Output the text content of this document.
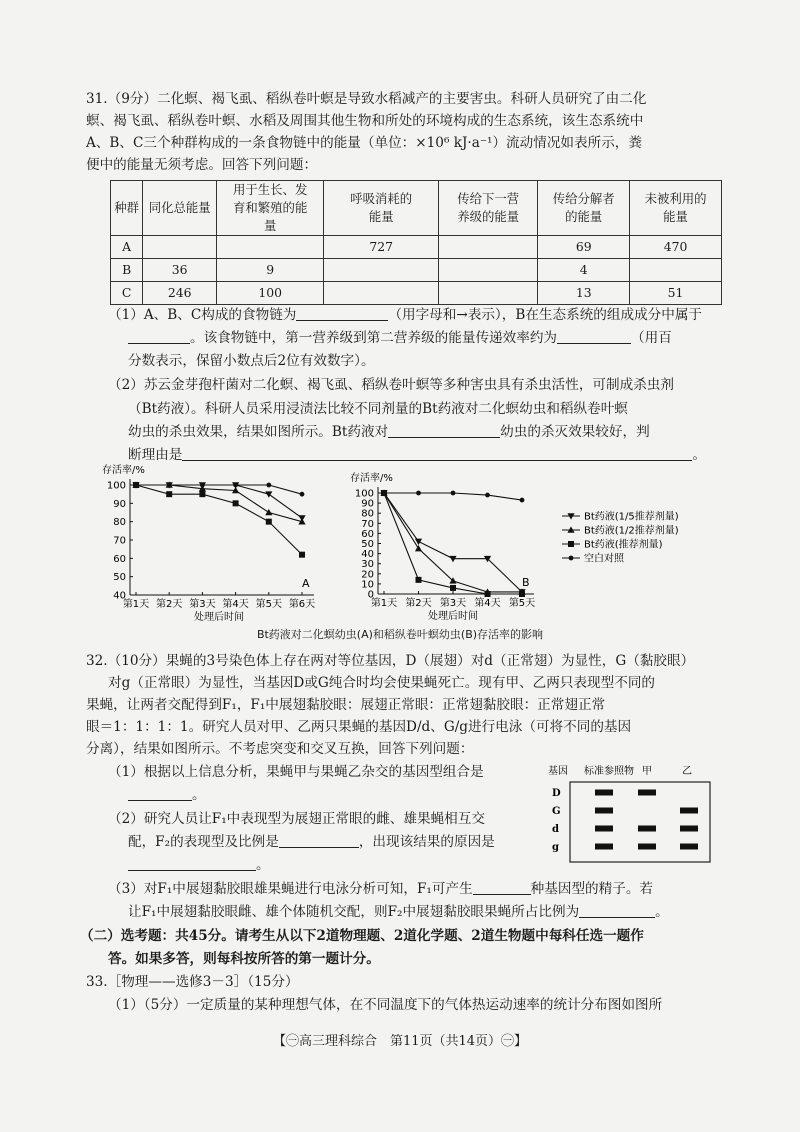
31.（9分）二化螟、褐飞虱、稻纵卷叶螟是导致水稻减产的主要害虫。科研人员研究了由二化
螟、褐飞虱、稻纵卷叶螟、水稻及周围其他生物和所处的环境构成的生态系统，该生态系统中
A、B、C三个种群构成的一条食物链中的能量（单位：×10⁶ kJ·a⁻¹）流动情况如表所示，粪
便中的能量无须考虑。回答下列问题：
种群	同化总能量	用于生长、发育和繁殖的能量	呼吸消耗的能量	传给下一营养级的能量	传给分解者的能量	未被利用的能量
A			727		69	470
B	36	9			4	
C	246	100			13	51
（1）A、B、C构成的食物链为	（用字母和→表示），B在生态系统的组成成分中属于
。该食物链中，第一营养级到第二营养级的能量传递效率约为	（用百
分数表示，保留小数点后2位有效数字）。
（2）苏云金芽孢杆菌对二化螟、褐飞虱、稻纵卷叶螟等多种害虫具有杀虫活性，可制成杀虫剂
（Bt药液）。科研人员采用浸渍法比较不同剂量的Bt药液对二化螟幼虫和稻纵卷叶螟
幼虫的杀虫效果，结果如图所示。Bt药液对	幼虫的杀灭效果较好，判
断理由是	。
存活率/%
40
50
60
70
80
90
100
第1天 第2天 第3天 第4天 第5天 第6天
处理后时间
A
存活率/%
0
10
20
30
40
50
60
70
80
90
100
第1天 第2天 第3天 第4天 第5天
处理后时间
B
Bt药液(1/5推荐剂量)
Bt药液(1/2推荐剂量)
Bt药液(推荐剂量)
空白对照
Bt药液对二化螟幼虫(A)和稻纵卷叶螟幼虫(B)存活率的影响
32.（10分）果蝇的3号染色体上存在两对等位基因，D（展翅）对d（正常翅）为显性，G（黏胶眼）
对g（正常眼）为显性，当基因D或G纯合时均会使果蝇死亡。现有甲、乙两只表现型不同的
果蝇，让两者交配得到F₁，F₁中展翅黏胶眼：展翅正常眼：正常翅黏胶眼：正常翅正常
眼＝1：1：1：1。研究人员对甲、乙两只果蝇的基因D/d、G/g进行电泳（可将不同的基因
分离），结果如图所示。不考虑突变和交叉互换，回答下列问题：
（1）根据以上信息分析，果蝇甲与果蝇乙杂交的基因型组合是
。
（2）研究人员让F₁中表现型为展翅正常眼的雌、雄果蝇相互交
配，F₂的表现型及比例是	，出现该结果的原因是
。
基因 标准参照物 甲	乙
D
G
d
g
（3）对F₁中展翅黏胶眼雄果蝇进行电泳分析可知，F₁可产生	种基因型的精子。若
让F₁中展翅黏胶眼雌、雄个体随机交配，则F₂中展翅黏胶眼果蝇所占比例为	。
（二）选考题：共45分。请考生从以下2道物理题、2道化学题、2道生物题中每科任选一题作
答。如果多答，则每科按所答的第一题计分。
33.［物理——选修3－3］（15分）
（1）（5分）一定质量的某种理想气体，在不同温度下的气体热运动速率的统计分布图如图所
【㊀高三理科综合　第11页（共14页）㊀】
